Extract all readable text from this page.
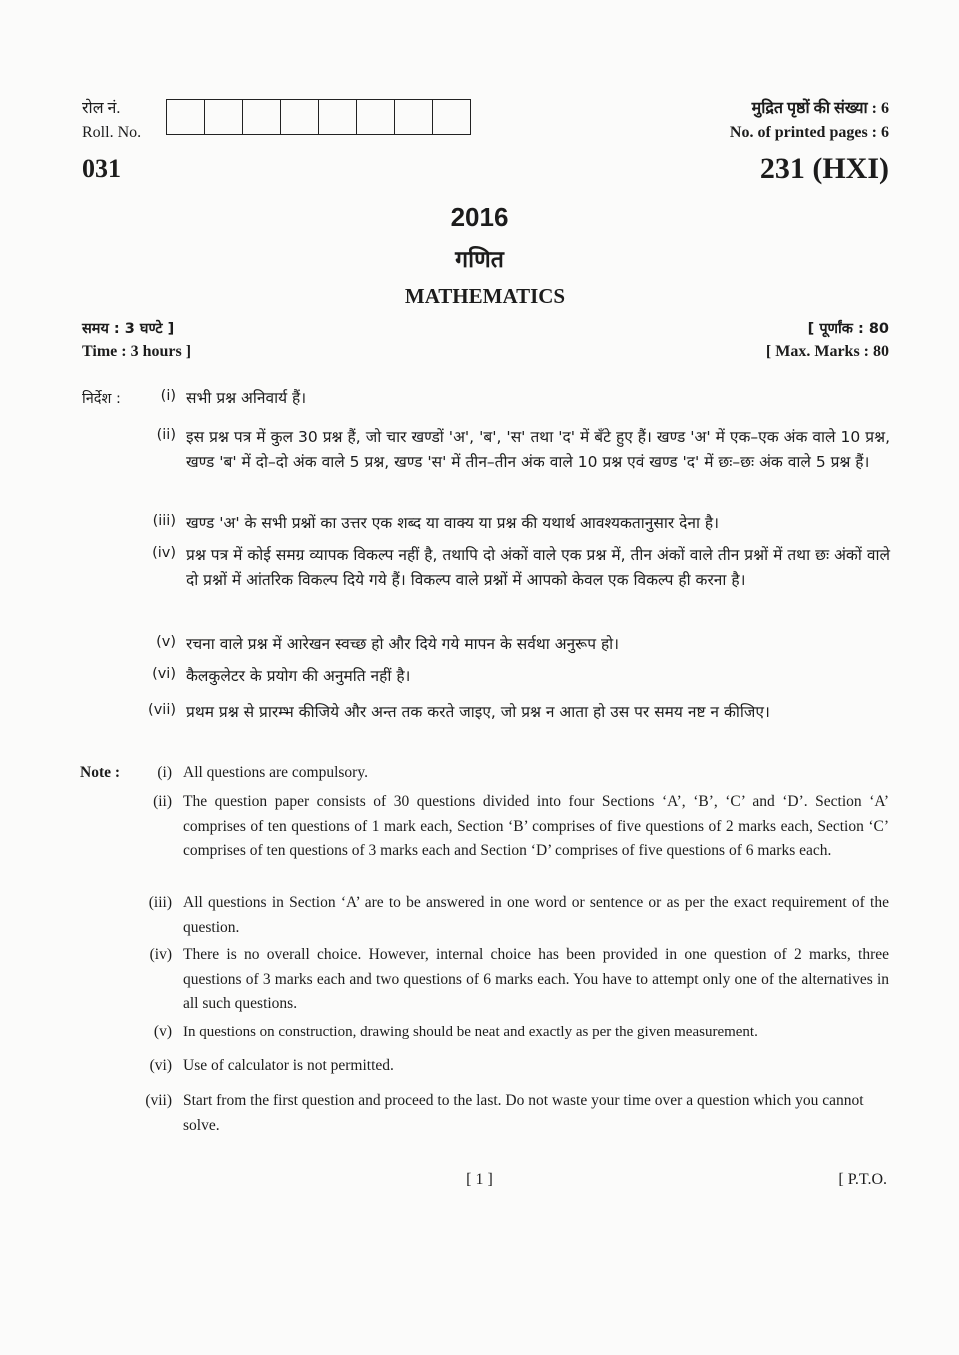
रोल नं.
Roll. No.
मुद्रित पृष्ठों की संख्या : 6
No. of printed pages : 6
031	231 (HXI)
2016
गणित
MATHEMATICS
समय : 3 घण्टे ]
Time : 3 hours ]
[ पूर्णांक : 80
[ Max. Marks : 80
निर्देश :	(i) सभी प्रश्न अनिवार्य हैं।
(ii) इस प्रश्न पत्र में कुल 30 प्रश्न हैं, जो चार खण्डों 'अ', 'ब', 'स' तथा 'द' में बँटे हुए हैं। खण्ड 'अ' में एक–एक अंक वाले 10 प्रश्न, खण्ड 'ब' में दो–दो अंक वाले 5 प्रश्न, खण्ड 'स' में तीन–तीन अंक वाले 10 प्रश्न एवं खण्ड 'द' में छः–छः अंक वाले 5 प्रश्न हैं।
(iii) खण्ड 'अ' के सभी प्रश्नों का उत्तर एक शब्द या वाक्य या प्रश्न की यथार्थ आवश्यकतानुसार देना है।
(iv) प्रश्न पत्र में कोई समग्र व्यापक विकल्प नहीं है, तथापि दो अंकों वाले एक प्रश्न में, तीन अंकों वाले तीन प्रश्नों में तथा छः अंकों वाले दो प्रश्नों में आंतरिक विकल्प दिये गये हैं। विकल्प वाले प्रश्नों में आपको केवल एक विकल्प ही करना है।
(v) रचना वाले प्रश्न में आरेखन स्वच्छ हो और दिये गये मापन के सर्वथा अनुरूप हो।
(vi) कैलकुलेटर के प्रयोग की अनुमति नहीं है।
(vii) प्रथम प्रश्न से प्रारम्भ कीजिये और अन्त तक करते जाइए, जो प्रश्न न आता हो उस पर समय नष्ट न कीजिए।
Note :	(i) All questions are compulsory.
(ii) The question paper consists of 30 questions divided into four Sections ‘A’, ‘B’, ‘C’ and ‘D’. Section ‘A’ comprises of ten questions of 1 mark each, Section ‘B’ comprises of five questions of 2 marks each, Section ‘C’ comprises of ten questions of 3 marks each and Section ‘D’ comprises of five questions of 6 marks each.
(iii) All questions in Section ‘A’ are to be answered in one word or sentence or as per the exact requirement of the question.
(iv) There is no overall choice. However, internal choice has been provided in one question of 2 marks, three questions of 3 marks each and two questions of 6 marks each. You have to attempt only one of the alternatives in all such questions.
(v) In questions on construction, drawing should be neat and exactly as per the given measurement.
(vi) Use of calculator is not permitted.
(vii) Start from the first question and proceed to the last. Do not waste your time over a question which you cannot solve.
[ 1 ]	[ P.T.O.
